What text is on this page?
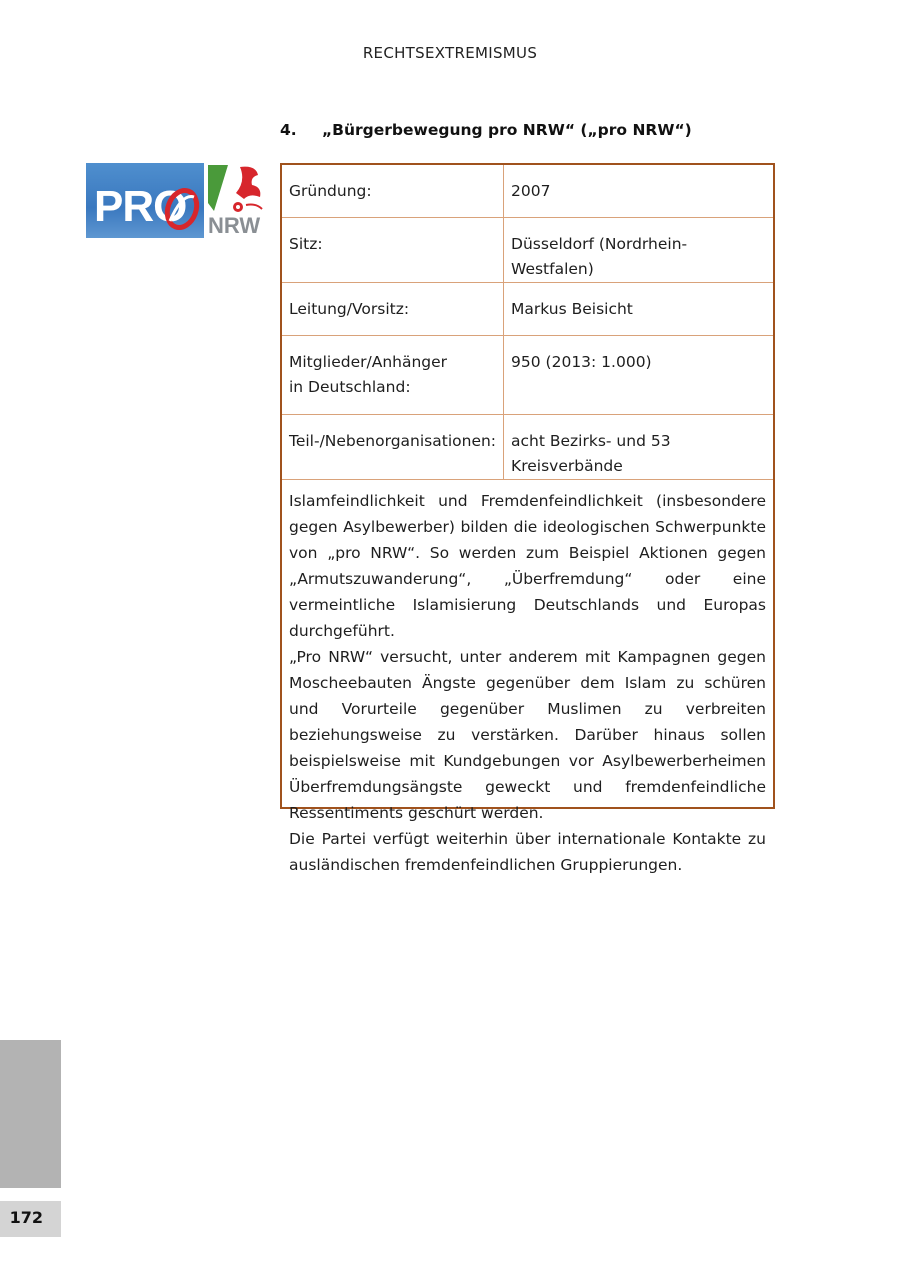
RECHTSEXTREMISMUS
4. „Bürgerbewegung pro NRW“ („pro NRW“)
PRO NRW
Gründung:	2007
Sitz:	Düsseldorf (Nordrhein-Westfalen)
Leitung/Vorsitz:	Markus Beisicht
Mitglieder/Anhänger
in Deutschland:	950 (2013: 1.000)
Teil-/Nebenorganisationen:	acht Bezirks- und 53 Kreisverbände

Islamfeindlichkeit und Fremdenfeindlichkeit (insbesondere gegen Asylbewerber) bilden die ideologischen Schwerpunkte von „pro NRW“. So werden zum Beispiel Aktionen gegen „Armutszuwanderung“, „Überfremdung“ oder eine vermeintliche Islamisierung Deutschlands und Europas durchgeführt.

„Pro NRW“ versucht, unter anderem mit Kampagnen gegen Moscheebauten Ängste gegenüber dem Islam zu schüren und Vorurteile gegenüber Muslimen zu verbreiten beziehungsweise zu verstärken. Darüber hinaus sollen beispielsweise mit Kundgebungen vor Asylbewerberheimen Überfremdungsängste geweckt und fremdenfeindliche Ressentiments geschürt werden.

Die Partei verfügt weiterhin über internationale Kontakte zu ausländischen fremdenfeindlichen Gruppierungen.

172
